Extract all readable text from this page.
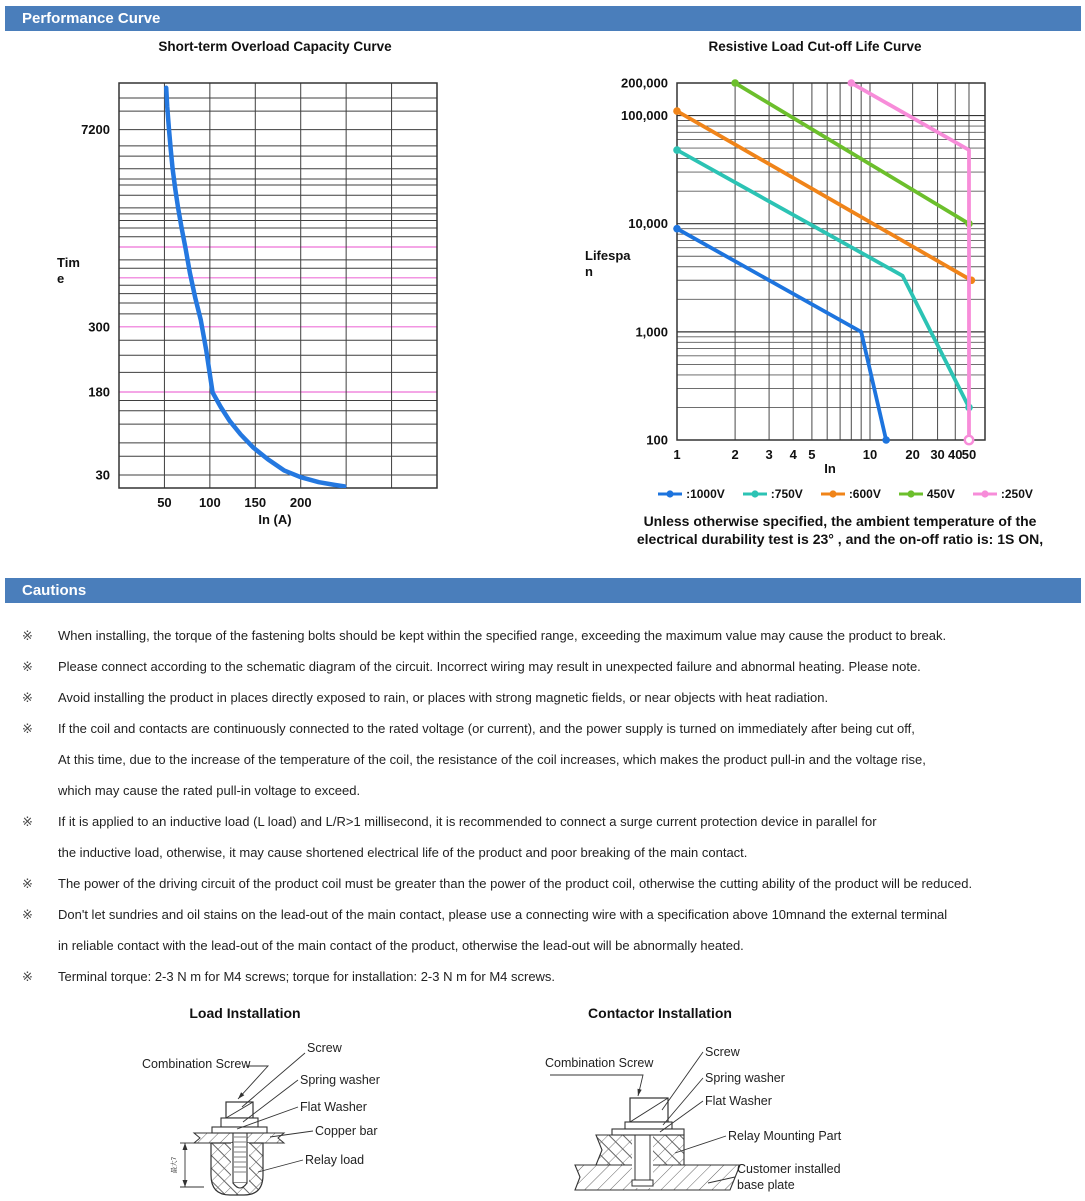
Performance Curve
Short-term Overload Capacity Curve
7200
300
180
30
50 100 150 200
Time
In (A)
Resistive Load Cut-off Life Curve
200,000
100,000
10,000
1,000
100
1	2 3 4 5	10 20 30 40 50
Lifespan
In
:1000V	:750V	:600V	450V	:250V
Unless otherwise specified, the ambient temperature of the
electrical durability test is 23° , and the on-off ratio is: 1S ON,
Cautions
※ When installing, the torque of the fastening bolts should be kept within the specified range, exceeding the maximum value may cause the product to break.
※ Please connect according to the schematic diagram of the circuit. Incorrect wiring may result in unexpected failure and abnormal heating. Please note.
※ Avoid installing the product in places directly exposed to rain, or places with strong magnetic fields, or near objects with heat radiation.
※ If the coil and contacts are continuously connected to the rated voltage (or current), and the power supply is turned on immediately after being cut off,
At this time, due to the increase of the temperature of the coil, the resistance of the coil increases, which makes the product pull-in and the voltage rise,
which may cause the rated pull-in voltage to exceed.
※ If it is applied to an inductive load (L load) and L/R>1 millisecond, it is recommended to connect a surge current protection device in parallel for
the inductive load, otherwise, it may cause shortened electrical life of the product and poor breaking of the main contact.
※ The power of the driving circuit of the product coil must be greater than the power of the product coil, otherwise the cutting ability of the product will be reduced.
※ Don't let sundries and oil stains on the lead-out of the main contact, please use a connecting wire with a specification above 10mnand the external terminal
in reliable contact with the lead-out of the main contact of the product, otherwise the lead-out will be abnormally heated.
※ Terminal torque: 2-3 N m for M4 screws; torque for installation: 2-3 N m for M4 screws.
Load Installation	Contactor Installation
最大7
Combination Screw
Screw
Spring washer
Flat Washer
Copper bar
Relay load
Combination Screw
Screw
Spring washer
Flat Washer
Relay Mounting Part
Customer installed
base plate
